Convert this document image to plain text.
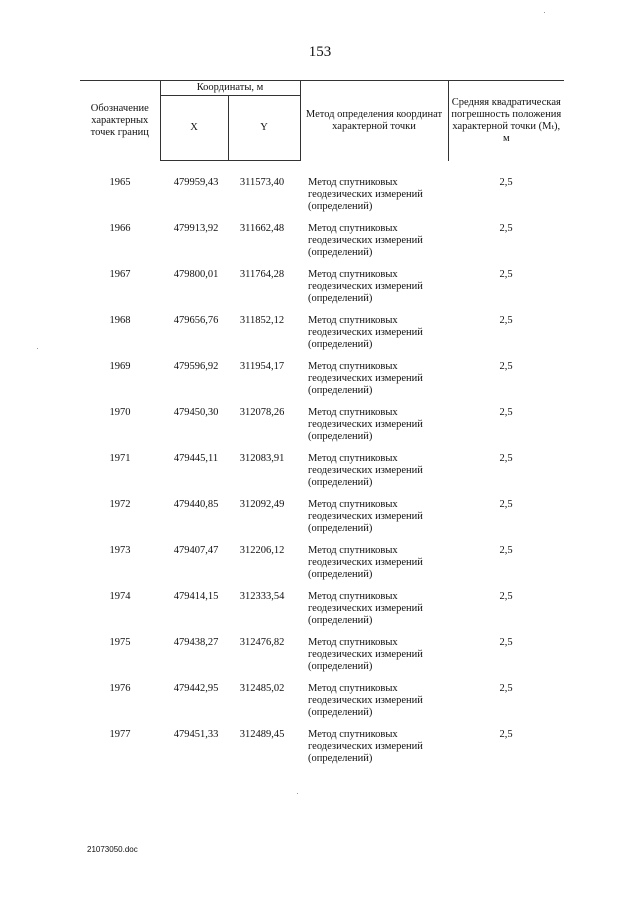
153
Обозначение характерных точек границ	Координаты, м		Метод определения координат характерной точки	Средняя квадратическая погрешность положения характерной точки (Mₜ), м
	X	Y		
1965	479959,43	311573,40	Метод спутниковых геодезических измерений (определений)	2,5
1966	479913,92	311662,48	Метод спутниковых геодезических измерений (определений)	2,5
1967	479800,01	311764,28	Метод спутниковых геодезических измерений (определений)	2,5
1968	479656,76	311852,12	Метод спутниковых геодезических измерений (определений)	2,5
1969	479596,92	311954,17	Метод спутниковых геодезических измерений (определений)	2,5
1970	479450,30	312078,26	Метод спутниковых геодезических измерений (определений)	2,5
1971	479445,11	312083,91	Метод спутниковых геодезических измерений (определений)	2,5
1972	479440,85	312092,49	Метод спутниковых геодезических измерений (определений)	2,5
1973	479407,47	312206,12	Метод спутниковых геодезических измерений (определений)	2,5
1974	479414,15	312333,54	Метод спутниковых геодезических измерений (определений)	2,5
1975	479438,27	312476,82	Метод спутниковых геодезических измерений (определений)	2,5
1976	479442,95	312485,02	Метод спутниковых геодезических измерений (определений)	2,5
1977	479451,33	312489,45	Метод спутниковых геодезических измерений (определений)	2,5
21073050.doc
